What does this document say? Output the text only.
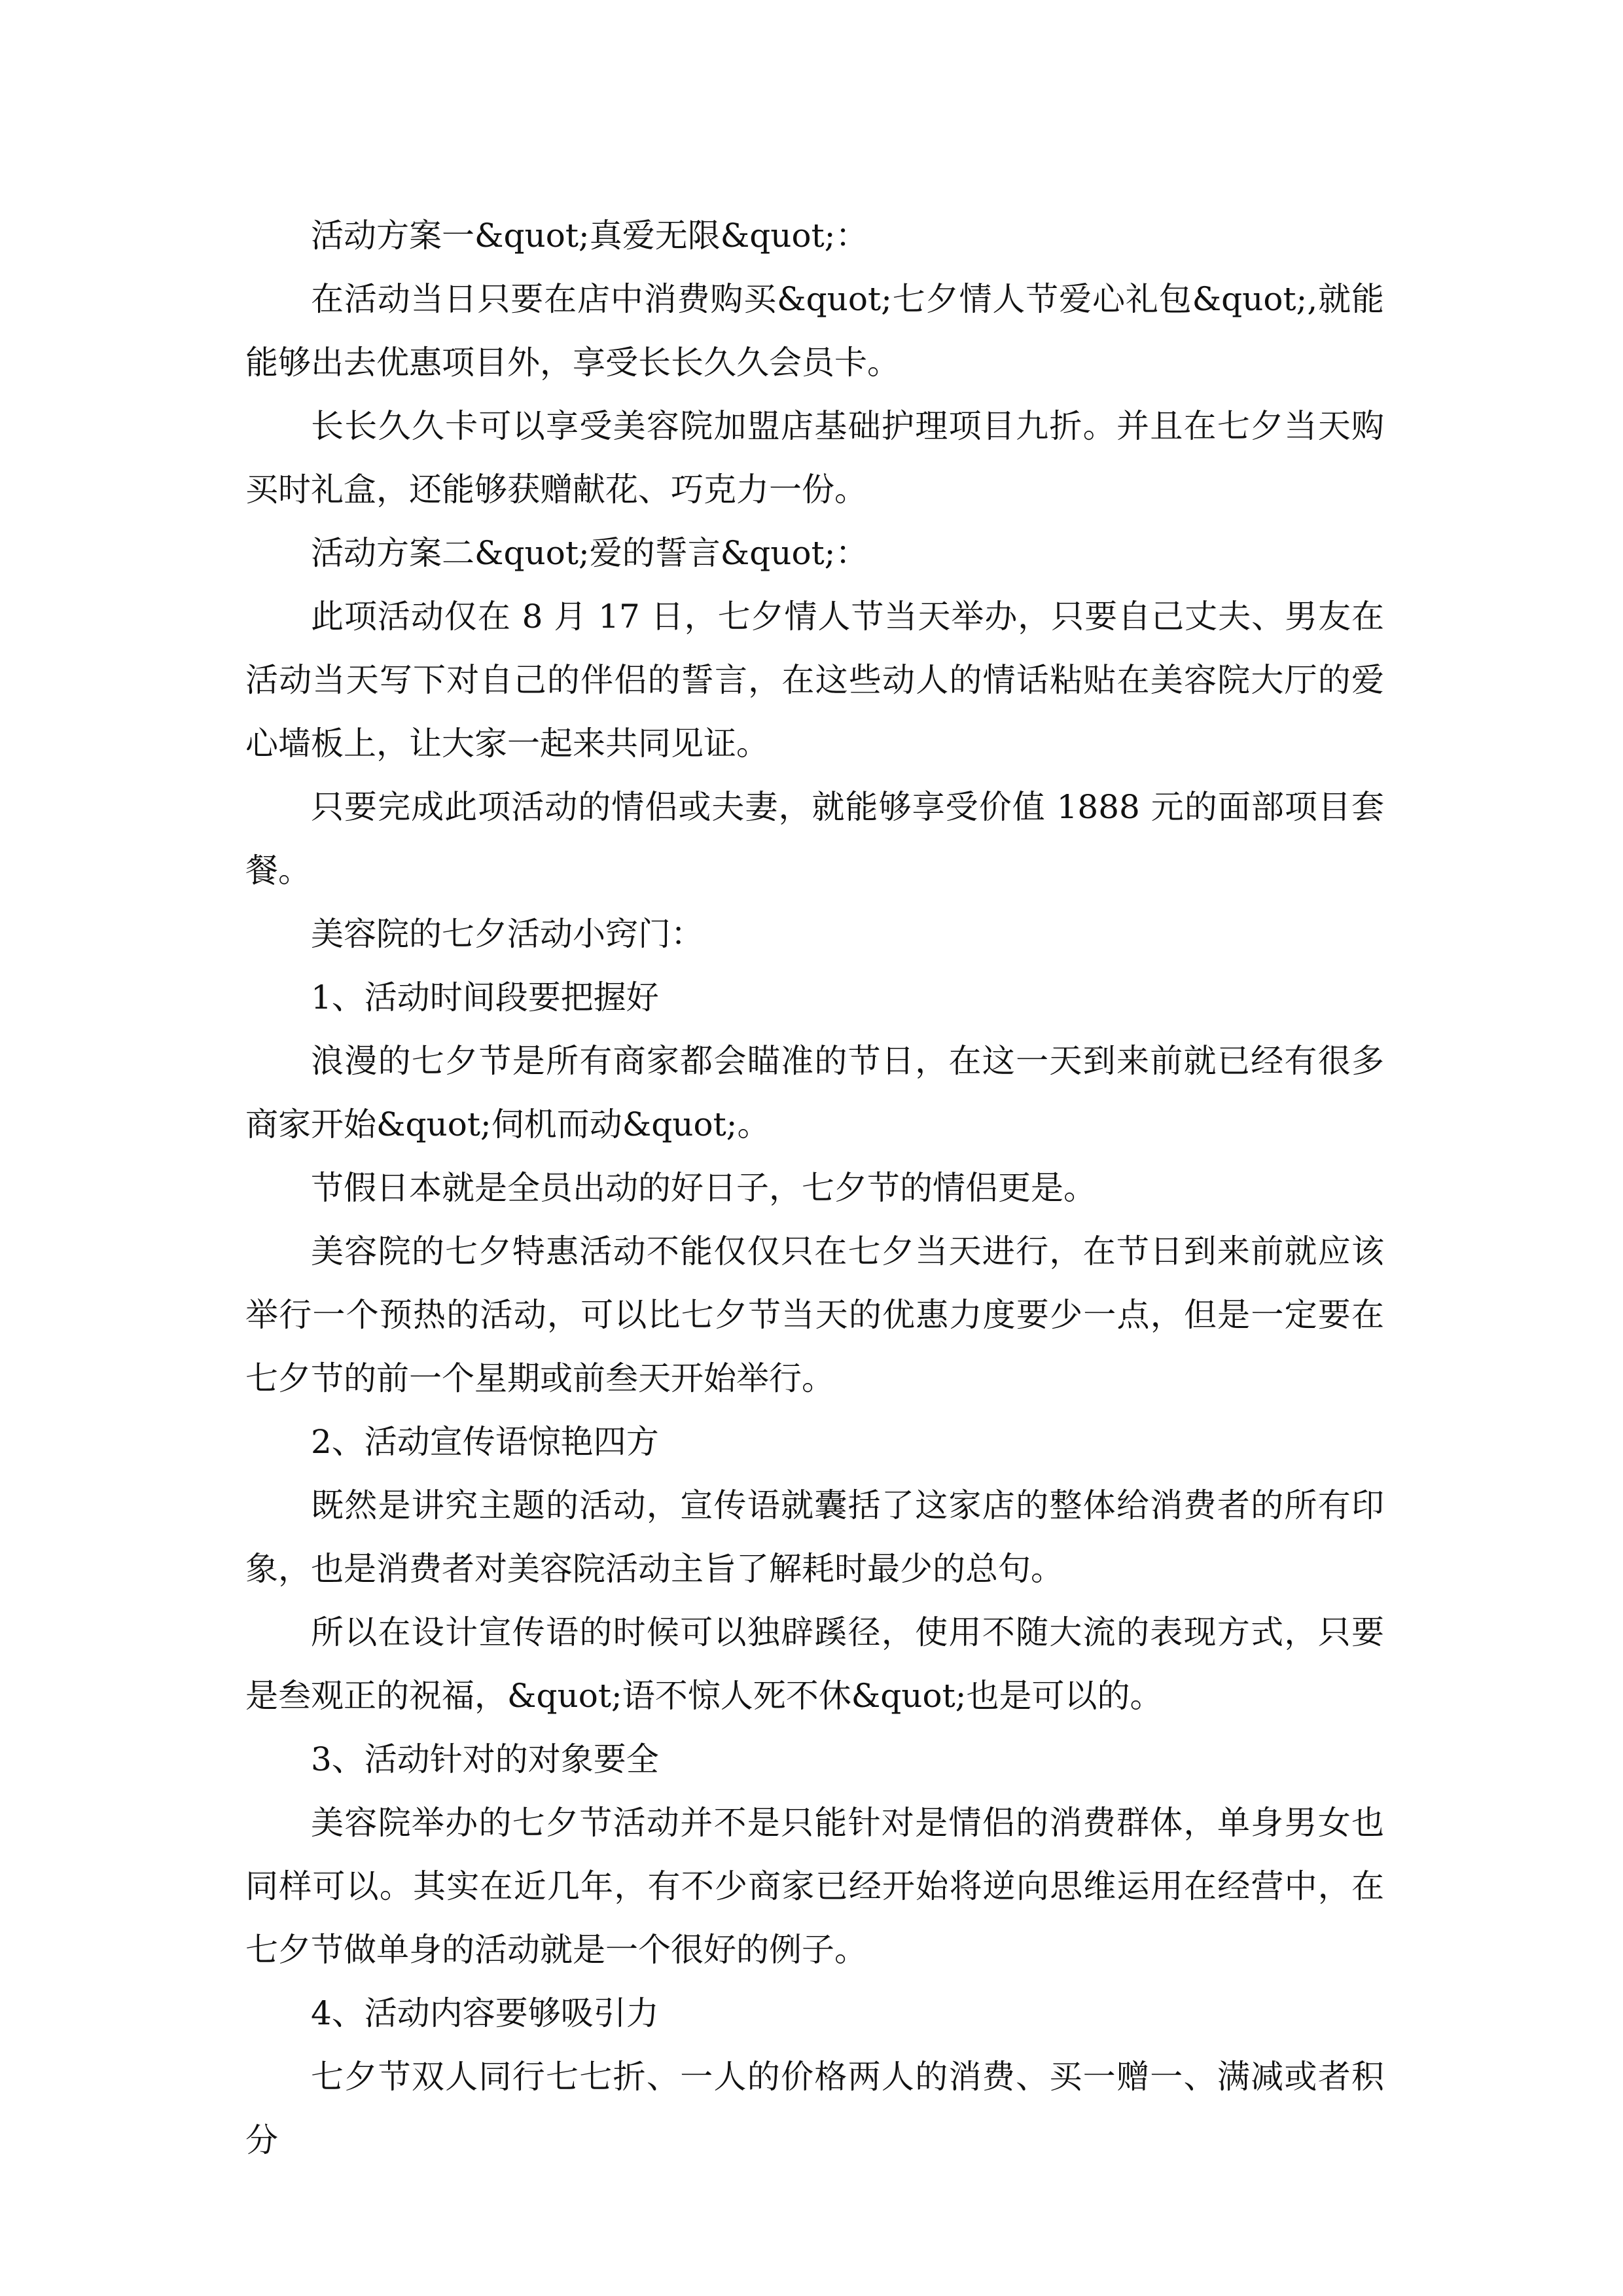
活动方案一&quot;真爱无限&quot;：

在活动当日只要在店中消费购买&quot;七夕情人节爱心礼包&quot;,就能能够出去优惠项目外，享受长长久久会员卡。

长长久久卡可以享受美容院加盟店基础护理项目九折。并且在七夕当天购买时礼盒，还能够获赠献花、巧克力一份。

活动方案二&quot;爱的誓言&quot;：

此项活动仅在 8 月 17 日，七夕情人节当天举办，只要自己丈夫、男友在活动当天写下对自己的伴侣的誓言，在这些动人的情话粘贴在美容院大厅的爱心墙板上，让大家一起来共同见证。

只要完成此项活动的情侣或夫妻，就能够享受价值 1888 元的面部项目套餐。

美容院的七夕活动小窍门：

1、活动时间段要把握好

浪漫的七夕节是所有商家都会瞄准的节日，在这一天到来前就已经有很多商家开始&quot;伺机而动&quot;。

节假日本就是全员出动的好日子，七夕节的情侣更是。

美容院的七夕特惠活动不能仅仅只在七夕当天进行，在节日到来前就应该举行一个预热的活动，可以比七夕节当天的优惠力度要少一点，但是一定要在七夕节的前一个星期或前叁天开始举行。

2、活动宣传语惊艳四方

既然是讲究主题的活动，宣传语就囊括了这家店的整体给消费者的所有印象，也是消费者对美容院活动主旨了解耗时最少的总句。

所以在设计宣传语的时候可以独辟蹊径，使用不随大流的表现方式，只要是叁观正的祝福，&quot;语不惊人死不休&quot;也是可以的。

3、活动针对的对象要全

美容院举办的七夕节活动并不是只能针对是情侣的消费群体，单身男女也同样可以。其实在近几年，有不少商家已经开始将逆向思维运用在经营中，在七夕节做单身的活动就是一个很好的例子。

4、活动内容要够吸引力

七夕节双人同行七七折、一人的价格两人的消费、买一赠一、满减或者积分
